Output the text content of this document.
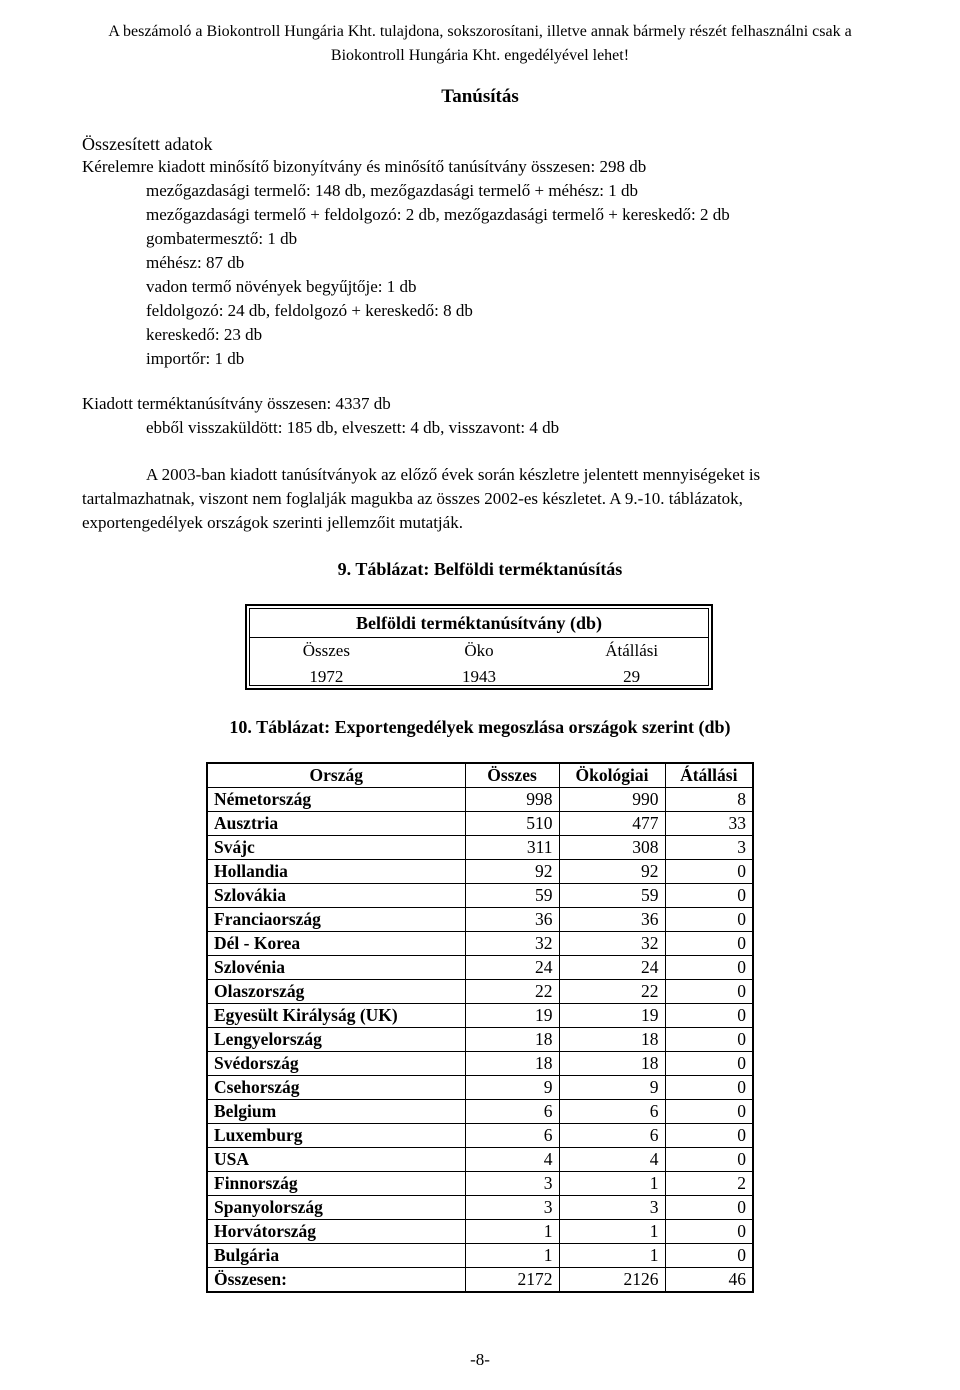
A beszámoló a Biokontroll Hungária Kht. tulajdona, sokszorosítani, illetve annak bármely részét felhasználni csak a
Biokontroll Hungária Kht. engedélyével lehet!
Tanúsítás
Összesített adatok
Kérelemre kiadott minősítő bizonyítvány és minősítő tanúsítvány összesen: 298 db
mezőgazdasági termelő: 148 db, mezőgazdasági termelő + méhész: 1 db
mezőgazdasági termelő + feldolgozó: 2 db, mezőgazdasági termelő + kereskedő: 2 db
gombatermesztő: 1 db
méhész: 87 db
vadon termő növények begyűjtője: 1 db
feldolgozó: 24 db, feldolgozó + kereskedő: 8 db
kereskedő: 23 db
importőr: 1 db
Kiadott terméktanúsítvány összesen: 4337 db
ebből visszaküldött: 185 db, elveszett: 4 db, visszavont: 4 db
A 2003-ban kiadott tanúsítványok az előző évek során készletre jelentett mennyiségeket is
tartalmazhatnak, viszont nem foglalják magukba az összes 2002-es készletet. A 9.-10. táblázatok,
exportengedélyek országok szerinti jellemzőit mutatják.
9. Táblázat: Belföldi terméktanúsítás
Belföldi terméktanúsítvány (db)
Összes	Öko	Átállási
1972	1943	29
10. Táblázat: Exportengedélyek megoszlása országok szerint (db)
Ország	Összes	Ökológiai	Átállási
Németország	998	990	8
Ausztria	510	477	33
Svájc	311	308	3
Hollandia	92	92	0
Szlovákia	59	59	0
Franciaország	36	36	0
Dél - Korea	32	32	0
Szlovénia	24	24	0
Olaszország	22	22	0
Egyesült Királyság (UK)	19	19	0
Lengyelország	18	18	0
Svédország	18	18	0
Csehország	9	9	0
Belgium	6	6	0
Luxemburg	6	6	0
USA	4	4	0
Finnország	3	1	2
Spanyolország	3	3	0
Horvátország	1	1	0
Bulgária	1	1	0
Összesen:	2172	2126	46
-8-
